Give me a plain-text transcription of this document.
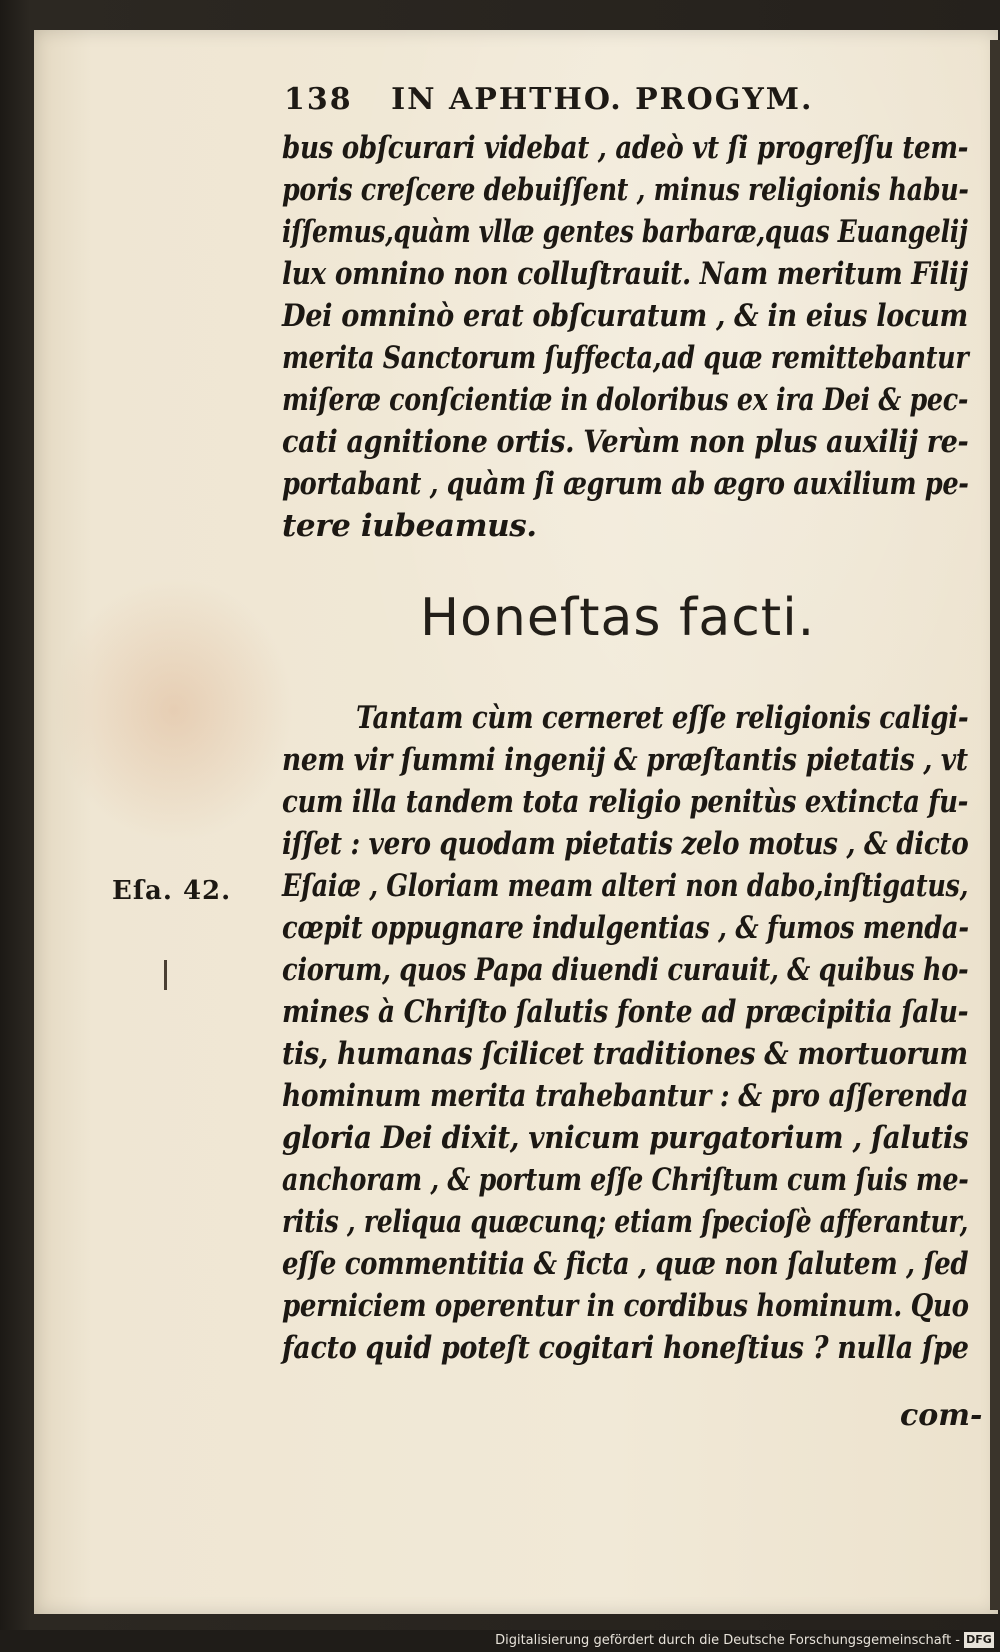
138 IN APHTHO. PROGYM.
bus obſcurari videbat , adeò vt ſi progreſſu tem-
poris creſcere debuiſſent , minus religionis habu-
iſſemus,quàm vllæ gentes barbaræ,quas Euangelij
lux omnino non colluſtrauit. Nam meritum Filij
Dei omninò erat obſcuratum , & in eius locum
merita Sanctorum ſuffecta,ad quæ remittebantur
miſeræ conſcientiæ in doloribus ex ira Dei & pec-
cati agnitione ortis. Verùm non plus auxilij re-
portabant , quàm ſi ægrum ab ægro auxilium pe-
tere iubeamus.
Honeſtas facti.
Tantam cùm cerneret eſſe religionis caligi-
nem vir ſummi ingenij & præſtantis pietatis , vt
cum illa tandem tota religio penitùs extincta fu-
iſſet : vero quodam pietatis zelo motus , & dicto
Eſaiæ , Gloriam meam alteri non dabo,inſtigatus,
cœpit oppugnare indulgentias , & fumos menda-
ciorum, quos Papa diuendi curauit, & quibus ho-
mines à Chriſto ſalutis fonte ad præcipitia ſalu-
tis, humanas ſcilicet traditiones & mortuorum
hominum merita trahebantur : & pro aſſerenda
gloria Dei dixit, vnicum purgatorium , ſalutis
anchoram , & portum eſſe Chriſtum cum ſuis me-
ritis , reliqua quæcunq; etiam ſpecioſè afferantur,
eſſe commentitia & ficta , quæ non ſalutem , ſed
perniciem operentur in cordibus hominum. Quo
facto quid poteſt cogitari honeſtius ? nulla ſpe
Eſa. 42.
com-
Digitalisierung gefördert durch die Deutsche Forschungsgemeinschaft - DFG
